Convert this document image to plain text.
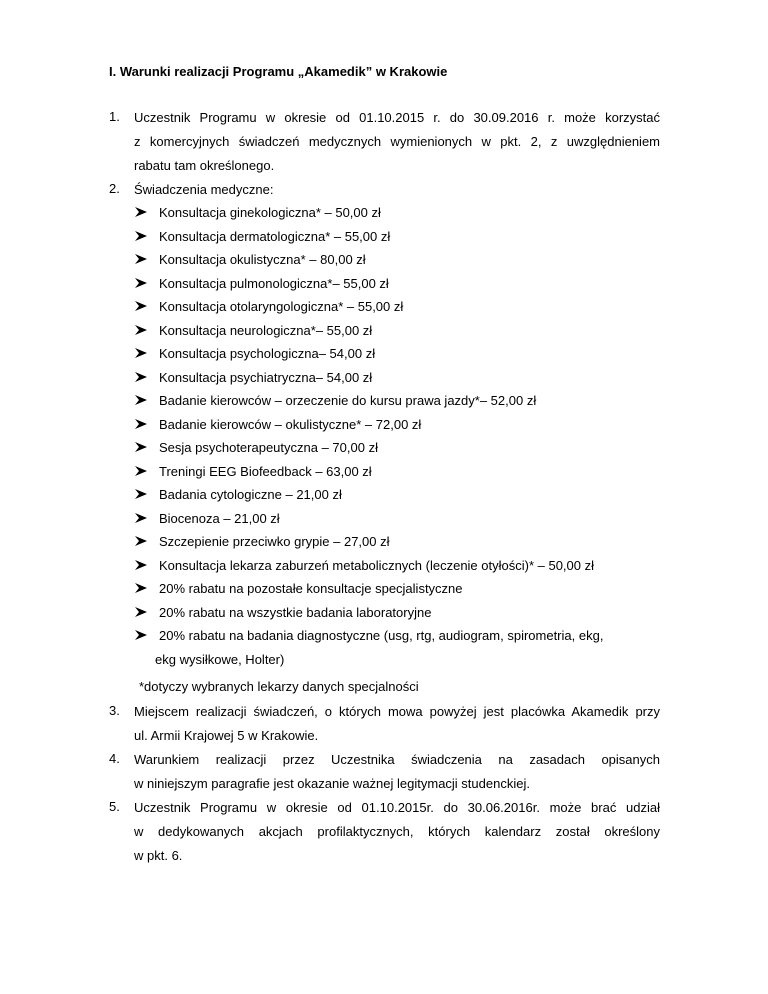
I. Warunki realizacji Programu „Akamedik” w Krakowie
1. Uczestnik Programu w okresie od 01.10.2015 r. do 30.09.2016 r. może korzystać
z komercyjnych świadczeń medycznych wymienionych w pkt. 2, z uwzględnieniem
rabatu tam określonego.
2. Świadczenia medyczne:
Konsultacja ginekologiczna* – 50,00 zł
Konsultacja dermatologiczna* – 55,00 zł
Konsultacja okulistyczna* – 80,00 zł
Konsultacja pulmonologiczna*– 55,00 zł
Konsultacja otolaryngologiczna* – 55,00 zł
Konsultacja neurologiczna*– 55,00 zł
Konsultacja psychologiczna– 54,00 zł
Konsultacja psychiatryczna– 54,00 zł
Badanie kierowców – orzeczenie do kursu prawa jazdy*– 52,00 zł
Badanie kierowców – okulistyczne* – 72,00 zł
Sesja psychoterapeutyczna – 70,00 zł
Treningi EEG Biofeedback – 63,00 zł
Badania cytologiczne – 21,00 zł
Biocenoza – 21,00 zł
Szczepienie przeciwko grypie – 27,00 zł
Konsultacja lekarza zaburzeń metabolicznych (leczenie otyłości)* – 50,00 zł
20% rabatu na pozostałe konsultacje specjalistyczne
20% rabatu na wszystkie badania laboratoryjne
20% rabatu na badania diagnostyczne (usg, rtg, audiogram, spirometria, ekg,
ekg wysiłkowe, Holter)
*dotyczy wybranych lekarzy danych specjalności
3. Miejscem realizacji świadczeń, o których mowa powyżej jest placówka Akamedik przy
ul. Armii Krajowej 5 w Krakowie.
4. Warunkiem realizacji przez Uczestnika świadczenia na zasadach opisanych
w niniejszym paragrafie jest okazanie ważnej legitymacji studenckiej.
5. Uczestnik Programu w okresie od 01.10.2015r. do 30.06.2016r. może brać udział
w dedykowanych akcjach profilaktycznych, których kalendarz został określony
w pkt. 6.
